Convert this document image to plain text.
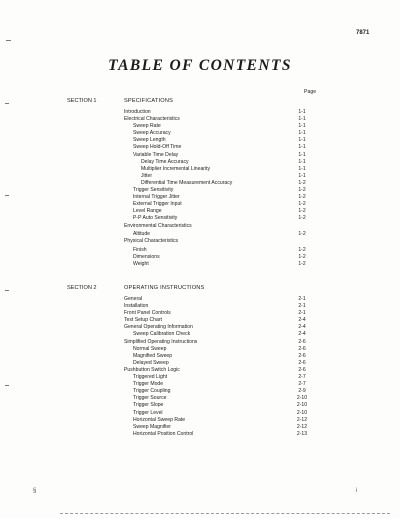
7871
TABLE OF CONTENTS
Page
SECTION 1	SPECIFICATIONS
Introduction	1-1
Electrical Characteristics	1-1
Sweep Rate	1-1
Sweep Accuracy	1-1
Sweep Length	1-1
Sweep Hold-Off Time	1-1
Variable Time Delay	1-1
Delay Time Accuracy	1-1
Multiplier Incremental Linearity	1-1
Jitter	1-1
Differential Time Measurement Accuracy	1-2
Trigger Sensitivity	1-2
Internal Trigger Jitter	1-2
External Trigger Input	1-2
Level Range	1-2
P-P Auto Sensitivity	1-2
Environmental Characteristics
Altitude	1-2
Physical Characteristics
Finish	1-2
Dimensions	1-2
Weight	1-2
SECTION 2	OPERATING INSTRUCTIONS
General	2-1
Installation	2-1
Front Panel Controls	2-1
Test Setup Chart	2-4
General Operating Information	2-4
Sweep Calibration Check	2-4
Simplified Operating Instructions	2-6
Normal Sweep	2-6
Magnified Sweep	2-6
Delayed Sweep	2-6
Pushbutton Switch Logic	2-6
Triggered Light	2-7
Trigger Mode	2-7
Trigger Coupling	2-9
Trigger Source	2-10
Trigger Slope	2-10
Trigger Level	2-10
Horizontal Sweep Rate	2-12
Sweep Magnifier	2-12
Horizontal Position Control	2-13
§	i
